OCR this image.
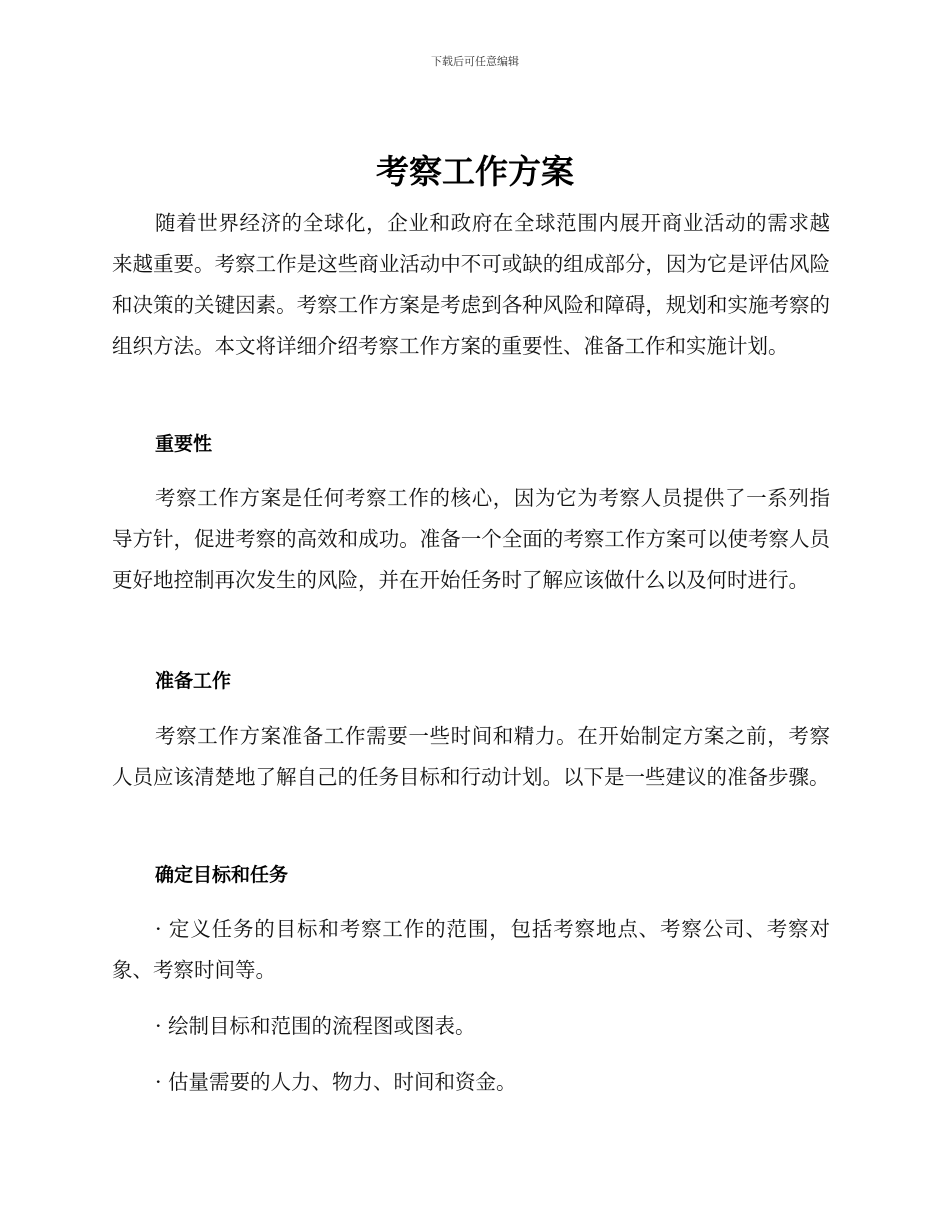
下载后可任意编辑
考察工作方案

随着世界经济的全球化，企业和政府在全球范围内展开商业活动的需求越来越重要。考察工作是这些商业活动中不可或缺的组成部分，因为它是评估风险和决策的关键因素。考察工作方案是考虑到各种风险和障碍，规划和实施考察的组织方法。本文将详细介绍考察工作方案的重要性、准备工作和实施计划。

重要性

考察工作方案是任何考察工作的核心，因为它为考察人员提供了一系列指导方针，促进考察的高效和成功。准备一个全面的考察工作方案可以使考察人员更好地控制再次发生的风险，并在开始任务时了解应该做什么以及何时进行。

准备工作

考察工作方案准备工作需要一些时间和精力。在开始制定方案之前，考察人员应该清楚地了解自己的任务目标和行动计划。以下是一些建议的准备步骤。

确定目标和任务

· 定义任务的目标和考察工作的范围，包括考察地点、考察公司、考察对象、考察时间等。

· 绘制目标和范围的流程图或图表。

· 估量需要的人力、物力、时间和资金。
